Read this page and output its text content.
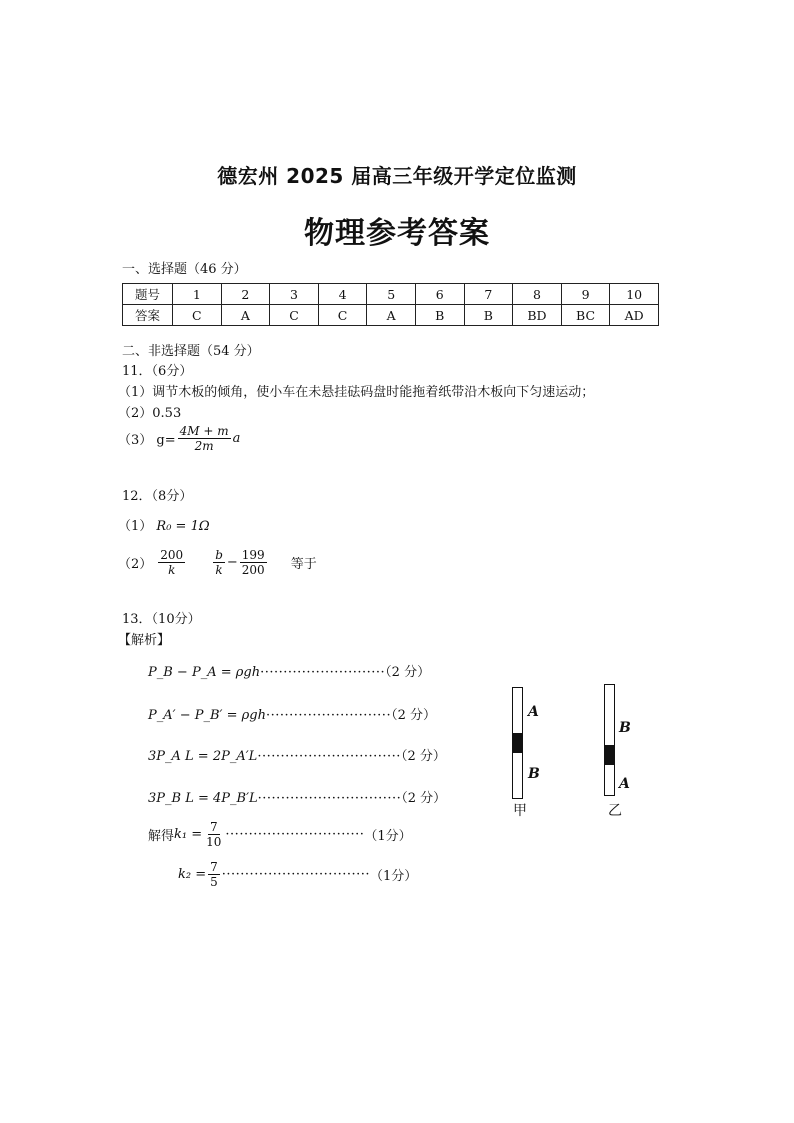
德宏州 2025 届高三年级开学定位监测
物理参考答案
一、选择题（46 分）
题号	1	2	3	4	5	6	7	8	9	10
答案	C	A	C	C	A	B	B	BD	BC	AD
二、非选择题（54 分）
11．（6分）
（1）调节木板的倾角，使小车在未悬挂砝码盘时能拖着纸带沿木板向下匀速运动；
（2）0.53
（3） $g= \frac{4M + m}{2m}$ a
12．（8分）
（1） R₀ = 1Ω
$(2) \frac{200}{k} \frac{b}{k} - \frac{199}{200}$ 等于
13．（10分）
【解析】
P_B − P_A = ρgh···························（2 分）
P_A′ − P_B′ = ρgh···························（2 分）
3P_A L = 2P_A′L·······························（2 分）
3P_B L = 4P_B′L·······························（2 分）
解得 $k_1 = \frac{7}{10}$ ······························ （1分）
$k_2 = \frac{7}{5}$ ································ （1分）
A
B
甲
B
A
乙
